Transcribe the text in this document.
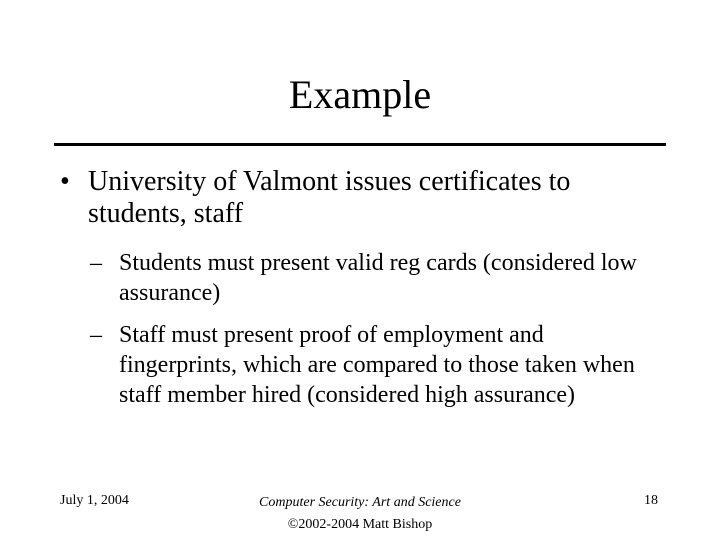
Example
• University of Valmont issues certificates to students, staff
– Students must present valid reg cards (considered low assurance)
– Staff must present proof of employment and fingerprints, which are compared to those taken when staff member hired (considered high assurance)
July 1, 2004	Computer Security: Art and Science
©2002-2004 Matt Bishop
18
